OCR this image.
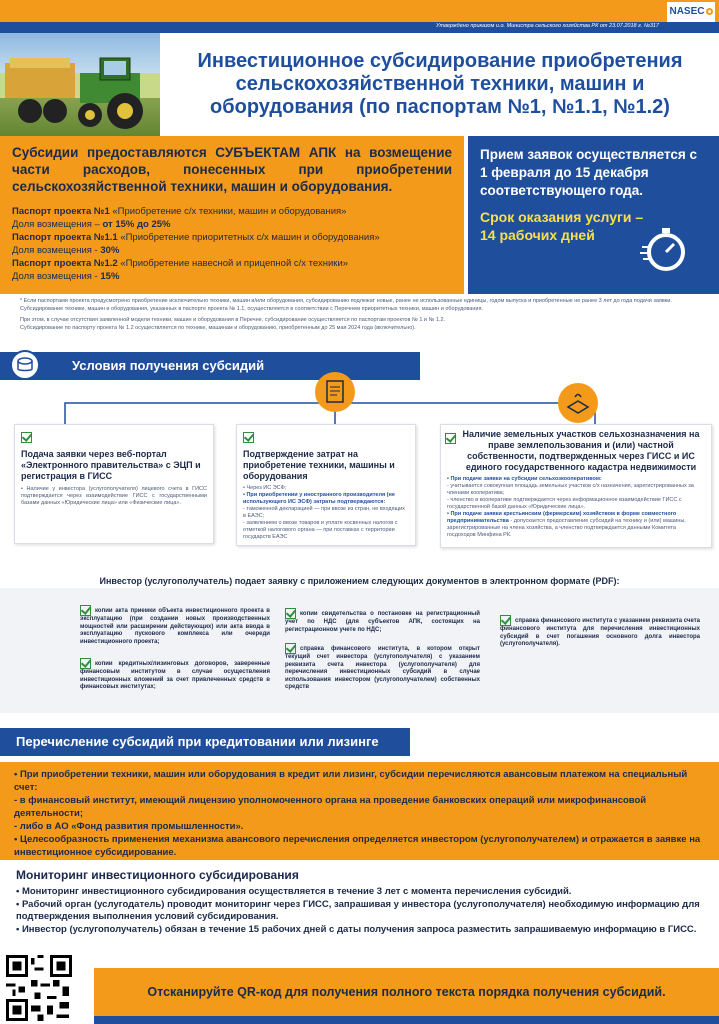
Утверждено приказом и.о. Министра сельского хозяйства РК от 23.07.2018 г. №317
NASEC
Инвестиционное субсидирование приобретения сельскохозяйственной техники, машин и оборудования (по паспортам №1, №1.1, №1.2)
Субсидии предоставляются СУБЪЕКТАМ АПК на возмещение части расходов, понесенных при приобретении сельскохозяйственной техники, машин и оборудования.
Паспорт проекта №1 «Приобретение с/х техники, машин и оборудования»
Доля возмещения – от 15% до 25%
Паспорт проекта №1.1 «Приобретение приоритетных с/х машин и оборудования»
Доля возмещения - 30%
Паспорт проекта №1.2 «Приобретение навесной и прицепной с/х техники»
Доля возмещения - 15%
Прием заявок осуществляется с 1 февраля до 15 декабря соответствующего года.
Срок оказания услуги – 14 рабочих дней
* Если паспортами проекта предусмотрено приобретение исключительно техники, машин и/или оборудования, субсидированию подлежат новые, ранее не использованные единицы, годом выпуска и приобретенные не ранее 3 лет до года подачи заявки. Субсидирование техники, машин и оборудования, указанных в паспорте проекта № 1.1, осуществляется в соответствии с Перечнем приоритетных техники, машин и оборудования.
При этом, в случае отсутствия заявленной модели техники, машин и оборудования в Перечне, субсидирование осуществляется по паспортам проектов № 1 и № 1.2.
Субсидирование по паспорту проекта № 1.2 осуществляется по технике, машинам и оборудованию, приобретенным до 25 мая 2024 года (включительно).
Условия получения субсидий
Подача заявки через веб-портал «Электронного правительства» с ЭЦП и регистрация в ГИСС
• Наличие у инвестора (услугополучателя) лицевого счета в ГИСС подтверждается через взаимодействие ГИСС с государственными базами данных «Юридические лица» или «Физические лица».
Подтверждение затрат на приобретение техники, машины и оборудования
• Через ИС ЭСФ;
• При приобретении у иностранного производителя (не использующего ИС ЭСФ) затраты подтверждаются:
- таможенной декларацией — при ввозе из стран, не входящих в ЕАЭС;
- заявлением о ввозе товаров и уплате косвенных налогов с отметкой налогового органа — при поставках с территории государств ЕАЭС
Наличие земельных участков сельхозназначения на праве землепользования и (или) частной собственности, подтвержденных через ГИСС и ИС единого государственного кадастра недвижимости
• При подаче заявки на субсидии сельхозкооперативом:
- учитывается совокупная площадь земельных участков с/х назначения, зарегистрированных за членами кооператива;
- членство в кооперативе подтверждается через информационное взаимодействие ГИСС с государственной базой данных «Юридические лица».
• При подаче заявки крестьянским (фермерским) хозяйством в форме совместного предпринимательства - допускается предоставление субсидий на технику и (или) машины, зарегистрированные на члена хозяйства, а членство подтверждается данными Комитета госдоходов Минфина РК.
Инвестор (услугополучатель) подает заявку с приложением следующих документов в электронном формате (PDF):
копии акта приемки объекта инвестиционного проекта в эксплуатацию (при создании новых производственных мощностей или расширении действующих) или акта ввода в эксплуатацию пускового комплекса или очереди инвестиционного проекта;
копии кредитных/лизинговых договоров, заверенные финансовым институтом в случае осуществления инвестиционных вложений за счет привлеченных средств в финансовых институтах;
копии свидетельства о постановке на регистрационный учет по НДС (для субъектов АПК, состоящих на регистрационном учете по НДС;
справка финансового института, в котором открыт текущий счет инвестора (услугополучателя) с указанием реквизита счета инвестора (услугополучателя) для перечисления инвестиционных субсидий в случае использования инвестором (услугополучателем) собственных средств
справка финансового института с указанием реквизита счета финансового института для перечисления инвестиционных субсидий в счет погашения основного долга инвестора (услугополучателя).
Перечисление субсидий при кредитовании или лизинге
• При приобретении техники, машин или оборудования в кредит или лизинг, субсидии перечисляются авансовым платежом на специальный счет:
- в финансовый институт, имеющий лицензию уполномоченного органа на проведение банковских операций или микрофинансовой деятельности;
- либо в АО «Фонд развития промышленности».
• Целесообразность применения механизма авансового перечисления определяется инвестором (услугополучателем) и отражается в заявке на инвестиционное субсидирование.
Мониторинг инвестиционного субсидирования
• Мониторинг инвестиционного субсидирования осуществляется в течение 3 лет с момента перечисления субсидий.
• Рабочий орган (услугодатель) проводит мониторинг через ГИСС, запрашивая у инвестора (услугополучателя) необходимую информацию для подтверждения выполнения условий субсидирования.
• Инвестор (услугополучатель) обязан в течение 15 рабочих дней с даты получения запроса разместить запрашиваемую информацию в ГИСС.
Отсканируйте QR-код для получения полного текста порядка получения субсидий.
